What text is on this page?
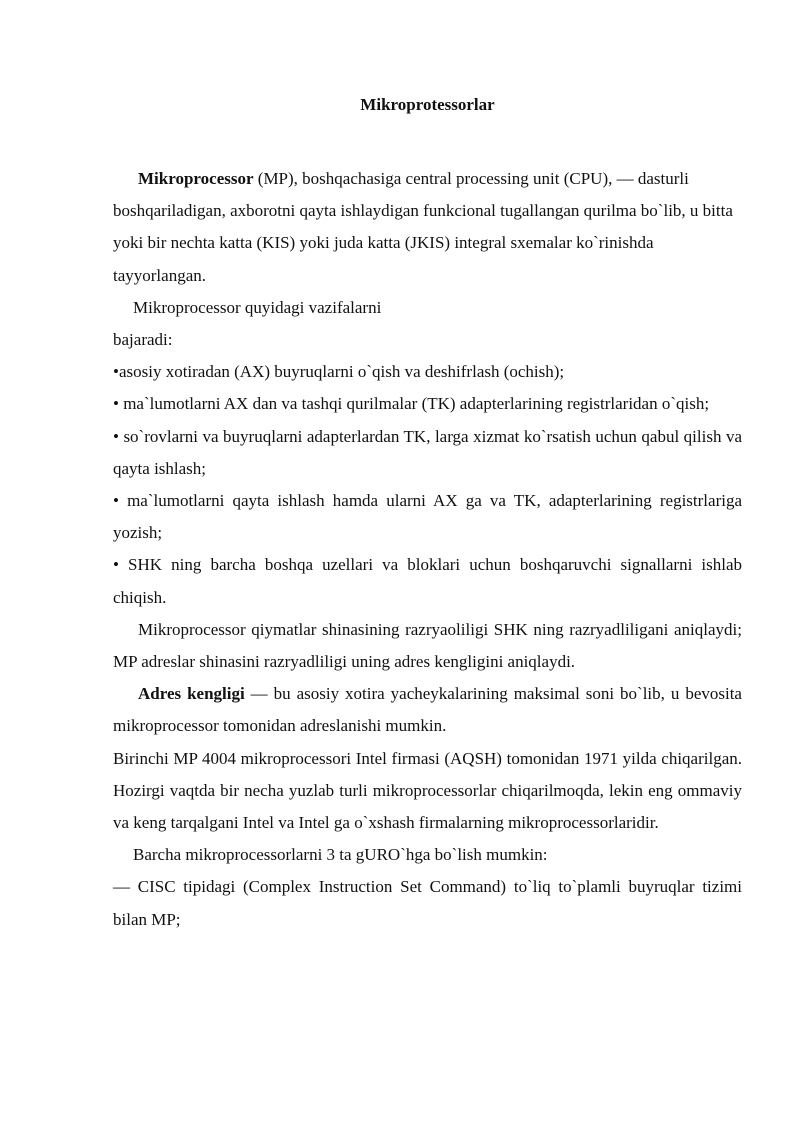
Mikroprotessorlar

Mikroprocessor (MP), boshqachasiga central processing unit (CPU), — dasturli boshqariladigan, axborotni qayta ishlaydigan funkcional tugallangan qurilma bo`lib, u bitta yoki bir nechta katta (KIS) yoki juda katta (JKIS) integral sxemalar ko`rinishda tayyorlangan.

Mikroprocessor quyidagi vazifalarni

bajaradi:

•asosiy xotiradan (AX) buyruqlarni o`qish va deshifrlash (ochish);

• ma`lumotlarni AX dan va tashqi qurilmalar (TK) adapterlarining registrlaridan o`qish;

• so`rovlarni va buyruqlarni adapterlardan TK, larga xizmat ko`rsatish uchun qabul qilish va qayta ishlash;

• ma`lumotlarni qayta ishlash hamda ularni AX ga va TK, adapterlarining registrlariga yozish;

• SHK ning barcha boshqa uzellari va bloklari uchun boshqaruvchi signallarni ishlab chiqish.

Mikroprocessor qiymatlar shinasining razryaoliligi SHK ning razryadliligani aniqlaydi; MP adreslar shinasini razryadliligi uning adres kengligini aniqlaydi.

Adres kengligi — bu asosiy xotira yacheykalarining maksimal soni bo`lib, u bevosita mikroprocessor tomonidan adreslanishi mumkin.

Birinchi MP 4004 mikroprocessori Intel firmasi (AQSH) tomonidan 1971 yilda chiqarilgan. Hozirgi vaqtda bir necha yuzlab turli mikroprocessorlar chiqarilmoqda, lekin eng ommaviy va keng tarqalgani Intel va Intel ga o`xshash firmalarning mikroprocessorlaridir.

Barcha mikroprocessorlarni 3 ta gURO`hga bo`lish mumkin:

— CISC tipidagi (Complex Instruction Set Command) to`liq to`plamli buyruqlar tizimi bilan MP;
